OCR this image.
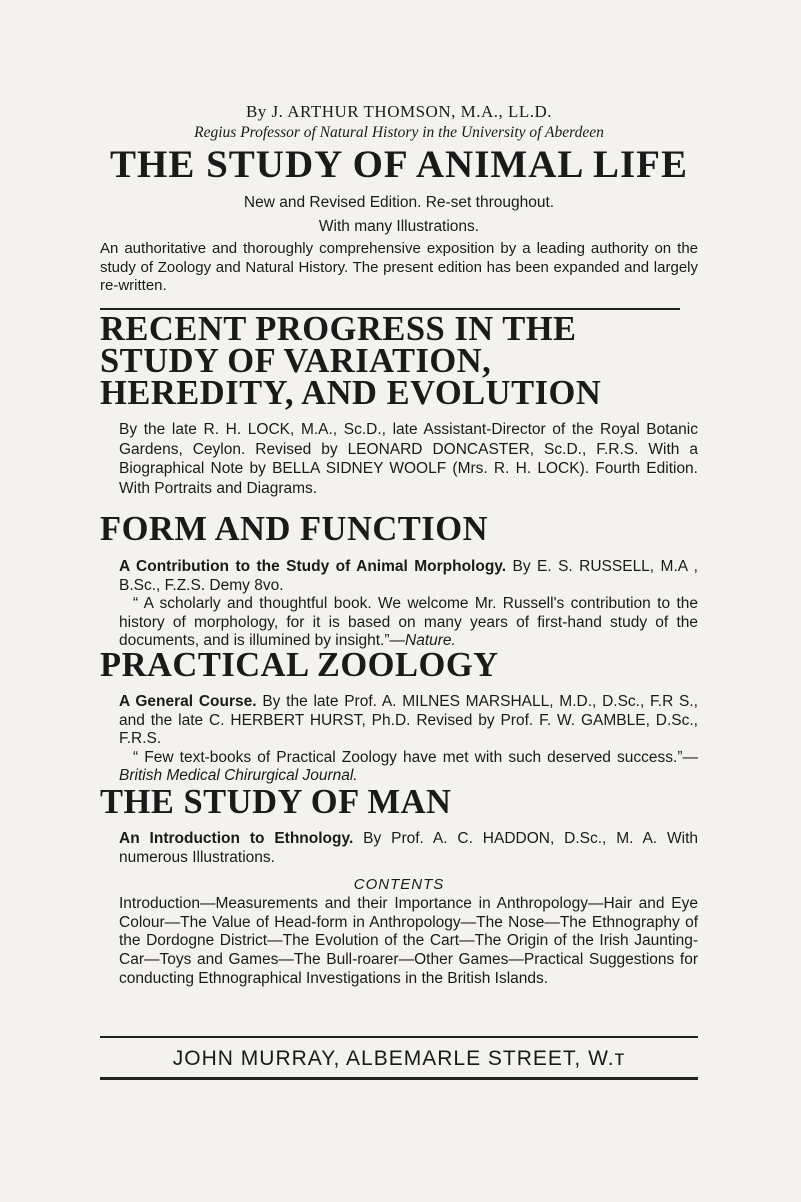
By J. ARTHUR THOMSON, M.A., LL.D.
Regius Professor of Natural History in the University of Aberdeen
THE STUDY OF ANIMAL LIFE
New and Revised Edition. Re-set throughout.
With many Illustrations.

An authoritative and thoroughly comprehensive exposition by a leading authority on the study of Zoology and Natural History. The present edition has been expanded and largely re-written.

RECENT PROGRESS IN THE
STUDY OF VARIATION,
HEREDITY, AND EVOLUTION

By the late R. H. LOCK, M.A., Sc.D., late Assistant-Director of the Royal Botanic Gardens, Ceylon. Revised by LEONARD DONCASTER, Sc.D., F.R.S. With a Biographical Note by BELLA SIDNEY WOOLF (Mrs. R. H. LOCK). Fourth Edition. With Portraits and Diagrams.

FORM AND FUNCTION

A Contribution to the Study of Animal Morphology. By E. S. RUSSELL, M.A , B.Sc., F.Z.S. Demy 8vo.

“ A scholarly and thoughtful book. We welcome Mr. Russell's contribution to the history of morphology, for it is based on many years of first-hand study of the documents, and is illumined by insight.”—Nature.

PRACTICAL ZOOLOGY

A General Course. By the late Prof. A. MILNES MARSHALL, M.D., D.Sc., F.R S., and the late C. HERBERT HURST, Ph.D. Revised by Prof. F. W. GAMBLE, D.Sc., F.R.S.

“ Few text-books of Practical Zoology have met with such deserved success.”—British Medical Chirurgical Journal.

THE STUDY OF MAN

An Introduction to Ethnology. By Prof. A. C. HADDON, D.Sc., M. A. With numerous Illustrations.

CONTENTS

Introduction—Measurements and their Importance in Anthropology—Hair and Eye Colour—The Value of Head-form in Anthropology—The Nose—The Ethnography of the Dordogne District—The Evolution of the Cart—The Origin of the Irish Jaunting-Car—Toys and Games—The Bull-roarer—Other Games—Practical Suggestions for conducting Ethnographical Investigations in the British Islands.

JOHN MURRAY, ALBEMARLE STREET, W.ᴛ
